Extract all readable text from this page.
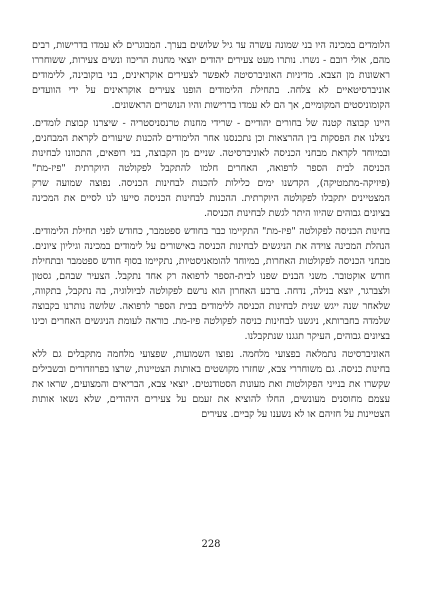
הלומדים במכינה היו בני שמונה עשרה עד גיל שלושים בערך. המבוגרים לא עמדו בדרישות, רבים מהם, אולי רובם - נשרו. נותרו מעט צעירים יהודים יוצאי מחנות הריכוז ונשים צעירות, ששוחררו ראשונות מן הצבא. מדיניות האוניברסיטה לאפשר לצעירים אוקראינים, בני בוקובינה, ללימודים אוניברסיטאיים לא צלחה. בתחילת הלימודים הופנו צעירים אוקראינים על ידי הוועדים הקומוניסטים המקומיים, אך הם לא עמדו בדרישות והיו הנושרים הראשונים.

היינו קבוצה קטנה של בחורים יהודיים - שרידי מחנות טרנסניסטריה - שיצרנו קבוצת לומדים. ניצלנו את הפסקות בין ההרצאות וכן נתכנסנו אחר הלימודים להכנות שיעורים לקראת המבחנים, ובמיוחד לקראת מבחני הכניסה לאוניברסיטה. שניים מן הקבוצה, בני רופאים, התכוונו לבחינות הכניסה לבית הספר לרפואה, האחרים חלמו להתקבל לפקולטה היוקרתית "פיז-מת" (פיזיקה-מתמטיקה), הקדשנו ימים כלילות להכנות לבחינות הכניסה. נפוצה שמועה שרק המצטיינים יתקבלו לפקולטה היוקרתית. ההכנות לבחינות הכניסה סייעו לנו לסיים את המכינה בציונים גבוהים שהיוו היתר לגשת לבחינות הכניסה.

בחינות הכניסה לפקולטה "פיז-מת" התקיימו כבר בחודש ספטמבר, כחודש לפני תחילת הלימודים. הנהלת המכינה צוידה את הניגשים לבחינות הכניסה באישורים על לימודים במכינה וגיליון ציונים. מבחני הכניסה לפקולטות האחרות, במיוחד להומאניסטיות, נתקיימו בסוף חודש ספטמבר ובתחילת חודש אוקטובר. משני הבנים שפנו לבית-הספר לרפואה רק אחד נתקבל. הצעיר שבהם, גסטון ולצברגר, יוצא בנילה, נדחה. ברבע האחרון הוא נרשם לפקולטה לביולוגיה, בה נתקבל, בתקווה, שלאחר שנה ייגש שנית לבחינות הכניסה ללימודים בבית הספר לרפואה. שלושה נותרנו בקבוצה שלמדה בחברותא, ניגשנו לבחינות כניסה לפקולטה פיז-מת. כוראה לעומת הניגשים האחרים וכינו בציונים גבוהים, העיקר תגגנו שנתקבלנו.

האוניברסיטה נתמלאה בפצועי מלחמה. נפוצו השמועות, שפצועי מלחמה מתקבלים גם ללא בחינות כניסה. גם משוחררי צבא, שחזרו מקושטים באותות הצטיינות, שרצו בפרוזדורים ובשבילים שקשרו את בנייני הפקולטות ואת מעונות הסטודנטים. יוצאי צבא, הבריאים והמצועים, שראו את עצמם מחוסנים מעונשים, החלו להוציא את זעמם על צעירים היהודים, שלא נשאו אותות הצטיינות על חזיהם או לא נשענו על קביים. צעירים

228
